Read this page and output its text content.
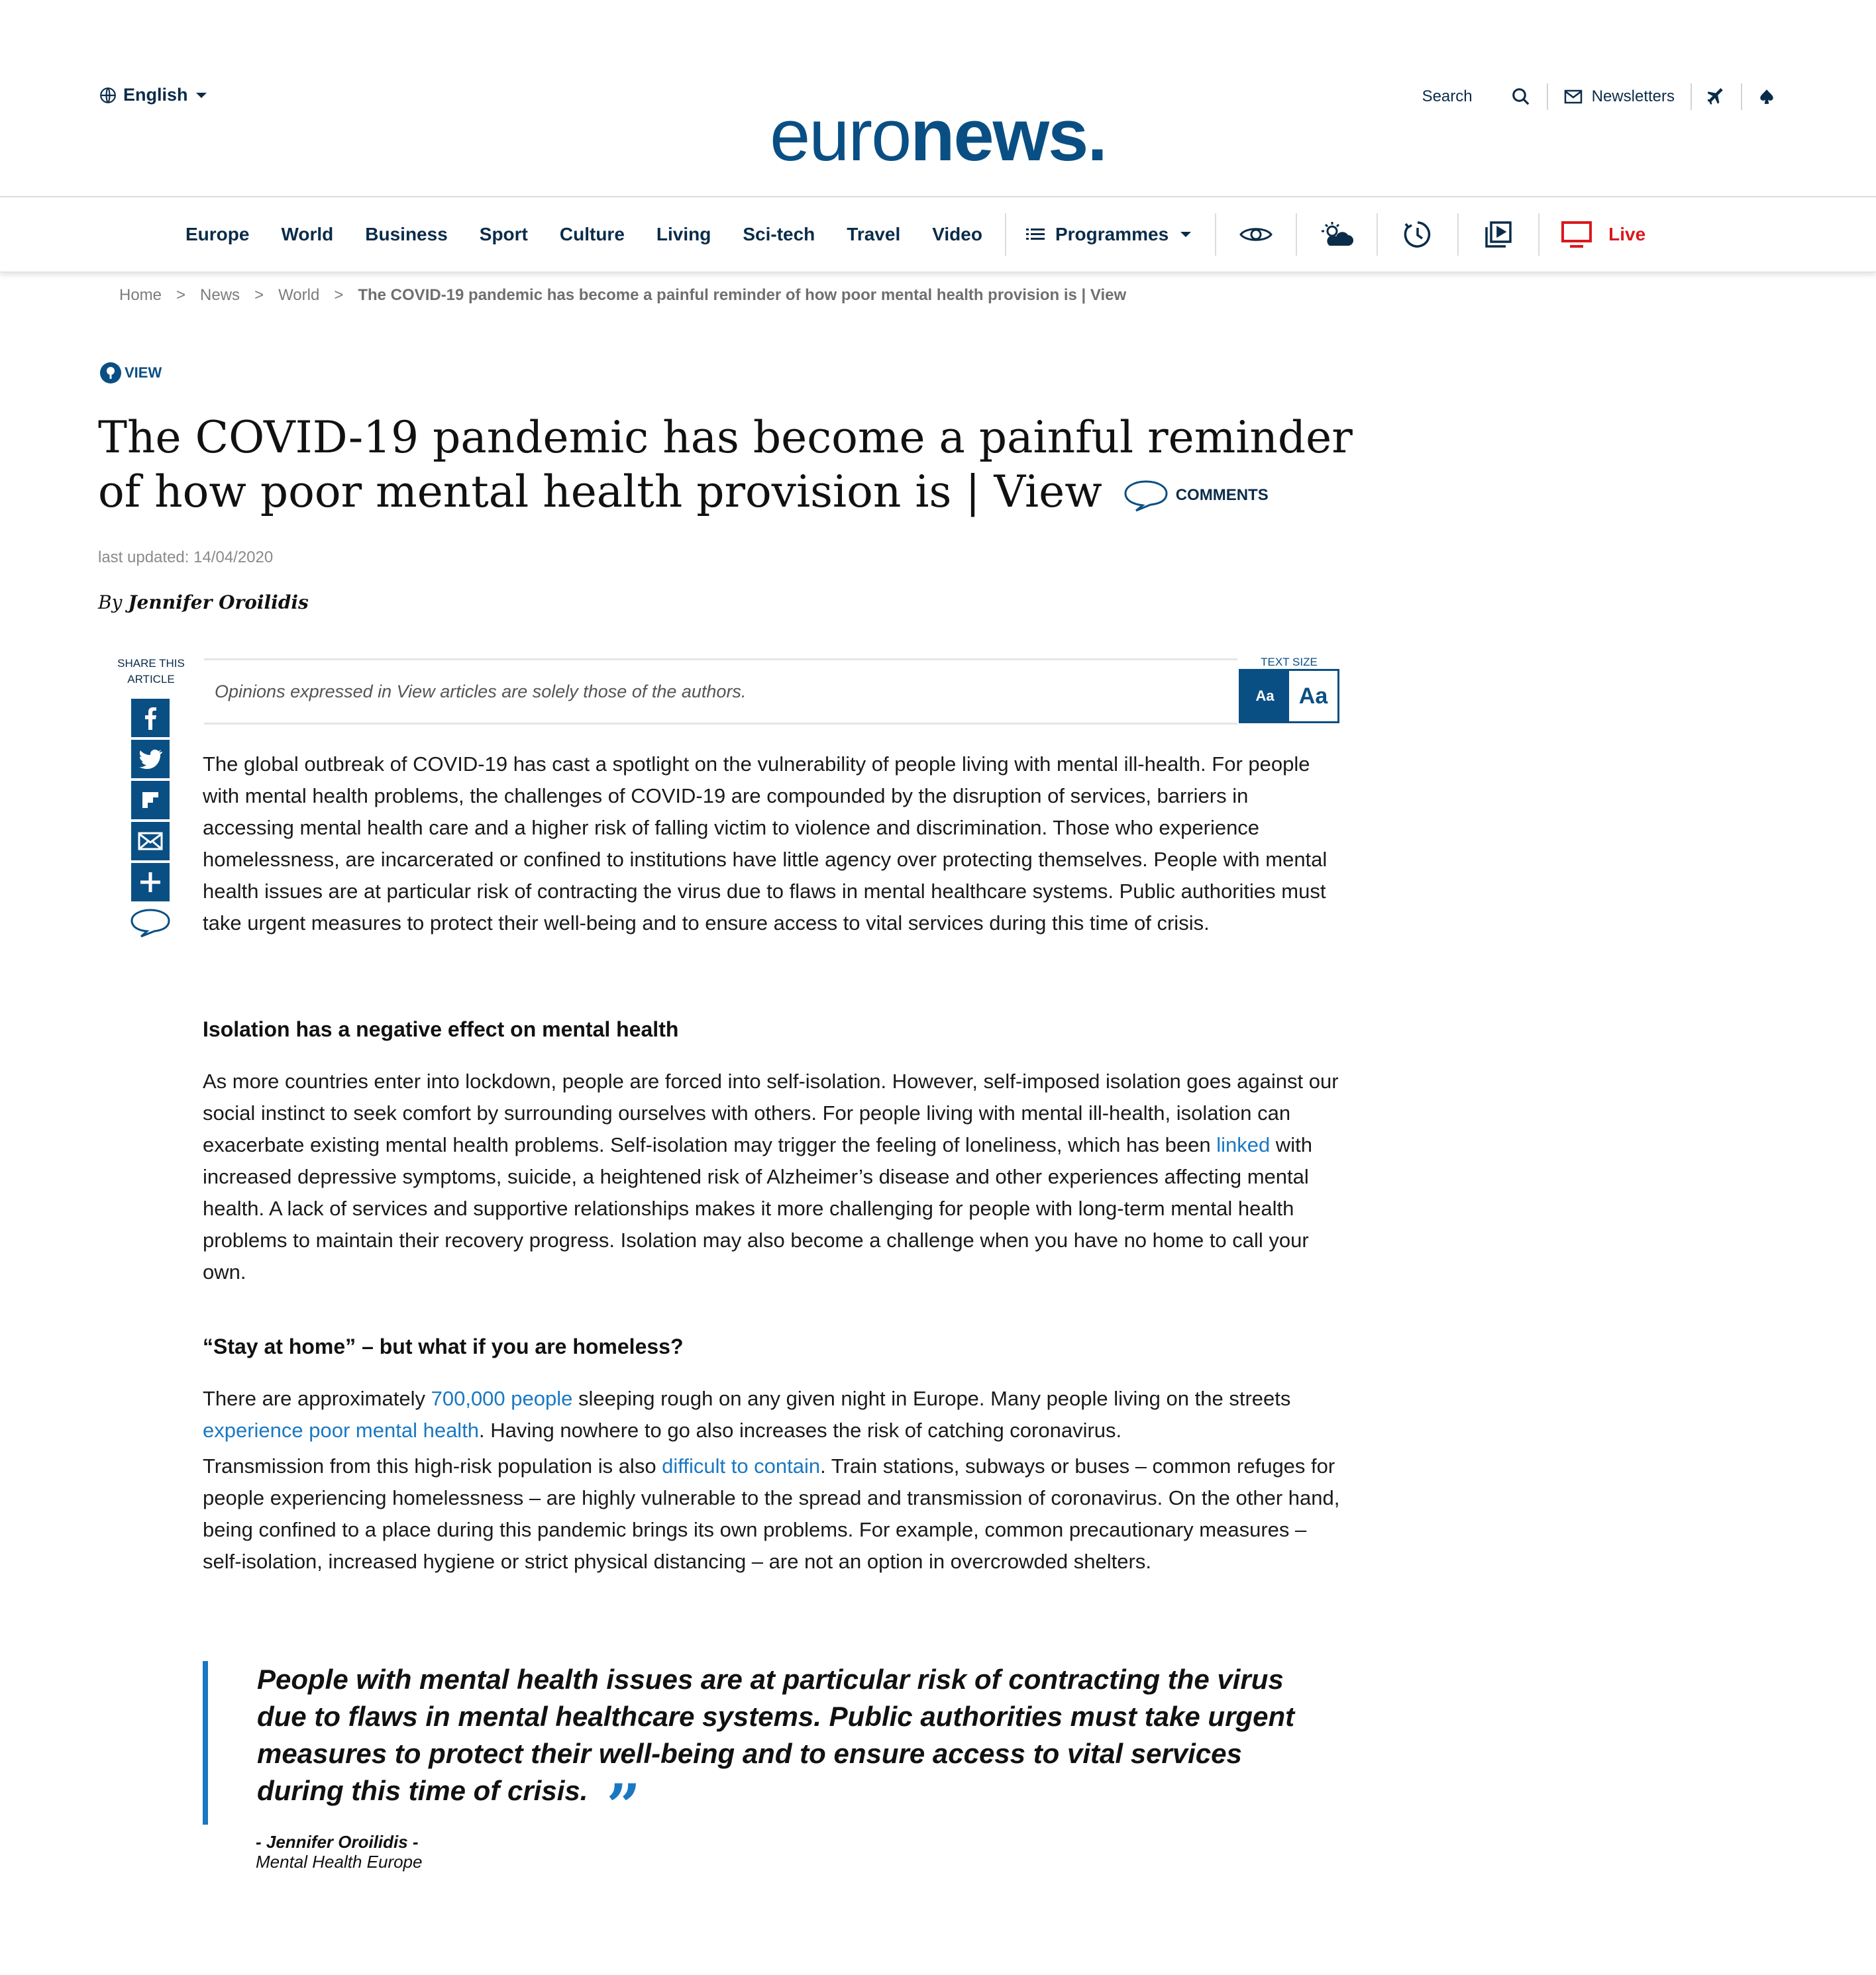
English	euronews.	Search	Newsletters
Europe World Business Sport Culture Living Sci-tech Travel Video	Programmes	Live
Home > News > World > The COVID-19 pandemic has become a painful reminder of how poor mental health provision is | View
VIEW
The COVID-19 pandemic has become a painful reminder of how poor mental health provision is | View	COMMENTS
last updated: 14/04/2020
By Jennifer Oroilidis
SHARE THIS ARTICLE
Opinions expressed in View articles are solely those of the authors.
TEXT SIZE
Aa	Aa

The global outbreak of COVID-19 has cast a spotlight on the vulnerability of people living with mental ill-health. For people with mental health problems, the challenges of COVID-19 are compounded by the disruption of services, barriers in accessing mental health care and a higher risk of falling victim to violence and discrimination. Those who experience homelessness, are incarcerated or confined to institutions have little agency over protecting themselves. People with mental health issues are at particular risk of contracting the virus due to flaws in mental healthcare systems. Public authorities must take urgent measures to protect their well-being and to ensure access to vital services during this time of crisis.

Isolation has a negative effect on mental health

As more countries enter into lockdown, people are forced into self-isolation. However, self-imposed isolation goes against our social instinct to seek comfort by surrounding ourselves with others. For people living with mental ill-health, isolation can exacerbate existing mental health problems. Self-isolation may trigger the feeling of loneliness, which has been linked with increased depressive symptoms, suicide, a heightened risk of Alzheimer’s disease and other experiences affecting mental health. A lack of services and supportive relationships makes it more challenging for people with long-term mental health problems to maintain their recovery progress. Isolation may also become a challenge when you have no home to call your own.

“Stay at home” – but what if you are homeless?

There are approximately 700,000 people sleeping rough on any given night in Europe. Many people living on the streets experience poor mental health. Having nowhere to go also increases the risk of catching coronavirus.

Transmission from this high-risk population is also difficult to contain. Train stations, subways or buses – common refuges for people experiencing homelessness – are highly vulnerable to the spread and transmission of coronavirus. On the other hand, being confined to a place during this pandemic brings its own problems. For example, common precautionary measures – self-isolation, increased hygiene or strict physical distancing – are not an option in overcrowded shelters.

People with mental health issues are at particular risk of contracting the virus due to flaws in mental healthcare systems. Public authorities must take urgent measures to protect their well-being and to ensure access to vital services during this time of crisis. ”
- Jennifer Oroilidis -
Mental Health Europe
